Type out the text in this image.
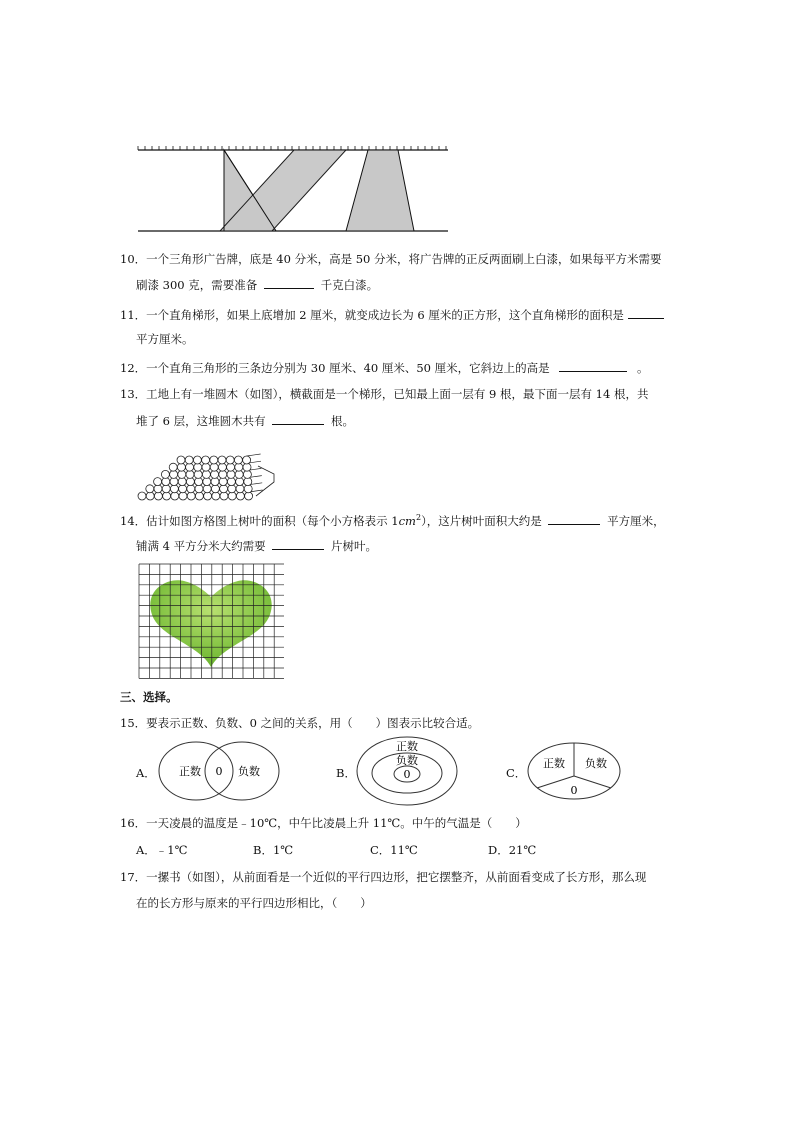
10．一个三角形广告牌，底是 40 分米，高是 50 分米，将广告牌的正反两面刷上白漆，如果每平方米需要
刷漆 300 克，需要准备	千克白漆。
11．一个直角梯形，如果上底增加 2 厘米，就变成边长为 6 厘米的正方形，这个直角梯形的面积是
平方厘米。
12．一个直角三角形的三条边分别为 30 厘米、40 厘米、50 厘米，它斜边上的高是	。
13．工地上有一堆圆木（如图），横截面是一个梯形，已知最上面一层有 9 根，最下面一层有 14 根，共
堆了 6 层，这堆圆木共有	根。
14．估计如图方格图上树叶的面积（每个小方格表示 $1cm^2$），这片树叶面积大约是	平方厘米，
铺满 4 平方分米大约需要	片树叶。
三、选择。
15．要表示正数、负数、0 之间的关系，用（　　）图表示比较合适。
A． 正数 0 负数	B．
正数
负数
0	C．
正数 负数
0
16．一天凌晨的温度是﹣10℃，中午比凌晨上升 11℃。中午的气温是（　　）
A．﹣1℃	B．1℃	C．11℃	D．21℃
17．一摞书（如图），从前面看是一个近似的平行四边形，把它摆整齐，从前面看变成了长方形，那么现
在的长方形与原来的平行四边形相比，（　　）
